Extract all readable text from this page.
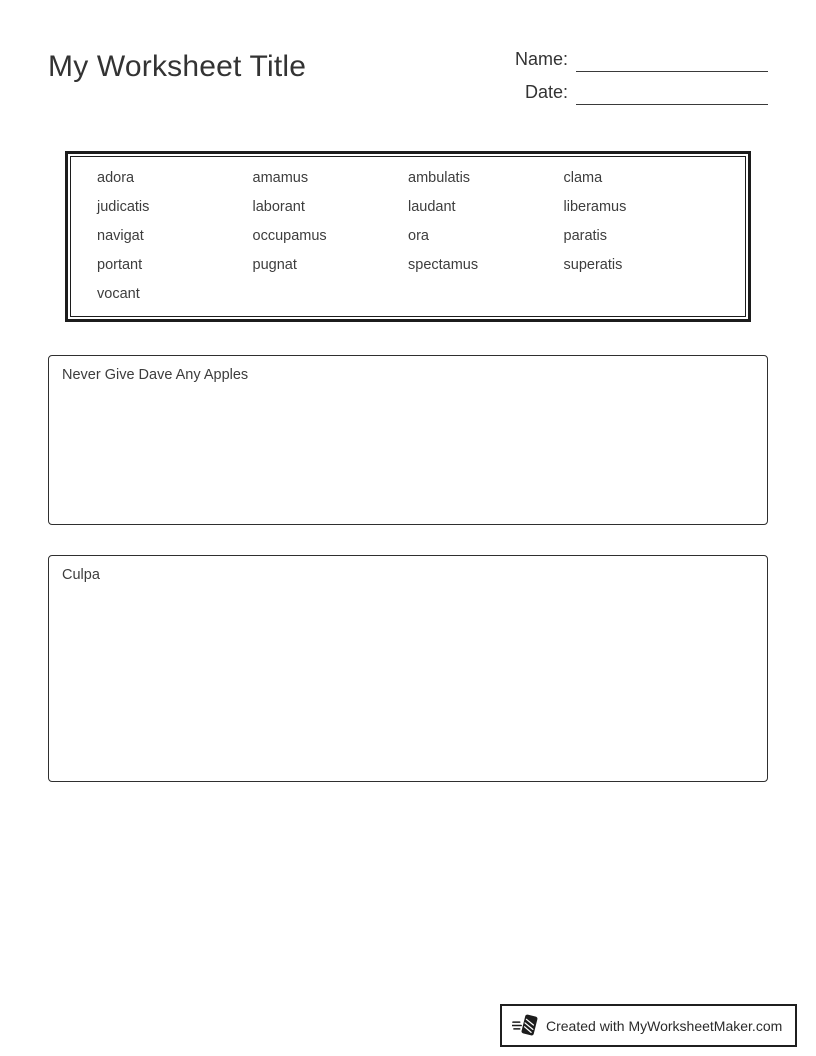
My Worksheet Title	Name:
Date:
adora	amamus	ambulatis	clama
judicatis	laborant	laudant	liberamus
navigat	occupamus	ora	paratis
portant	pugnat	spectamus	superatis
vocant
Never Give Dave Any Apples
Culpa
Created with MyWorksheetMaker.com
